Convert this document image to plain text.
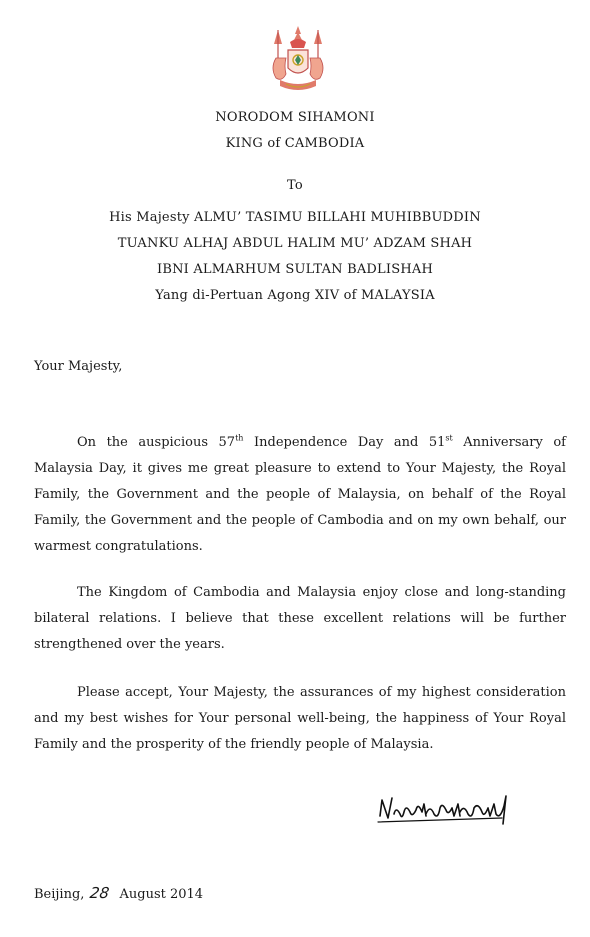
NORODOM SIHAMONI
KING of CAMBODIA
To
His Majesty ALMU’ TASIMU BILLAHI MUHIBBUDDIN
TUANKU ALHAJ ABDUL HALIM MU’ ADZAM SHAH
IBNI ALMARHUM SULTAN BADLISHAH
Yang di-Pertuan Agong XIV of MALAYSIA
Your Majesty,

On the auspicious 57th Independence Day and 51st Anniversary of Malaysia Day, it gives me great pleasure to extend to Your Majesty, the Royal Family, the Government and the people of Malaysia, on behalf of the Royal Family, the Government and the people of Cambodia and on my own behalf, our warmest congratulations.

The Kingdom of Cambodia and Malaysia enjoy close and long-standing bilateral relations. I believe that these excellent relations will be further strengthened over the years.

Please accept, Your Majesty, the assurances of my highest consideration and my best wishes for Your personal well-being, the happiness of Your Royal Family and the prosperity of the friendly people of Malaysia.

Beijing, 28 August 2014
